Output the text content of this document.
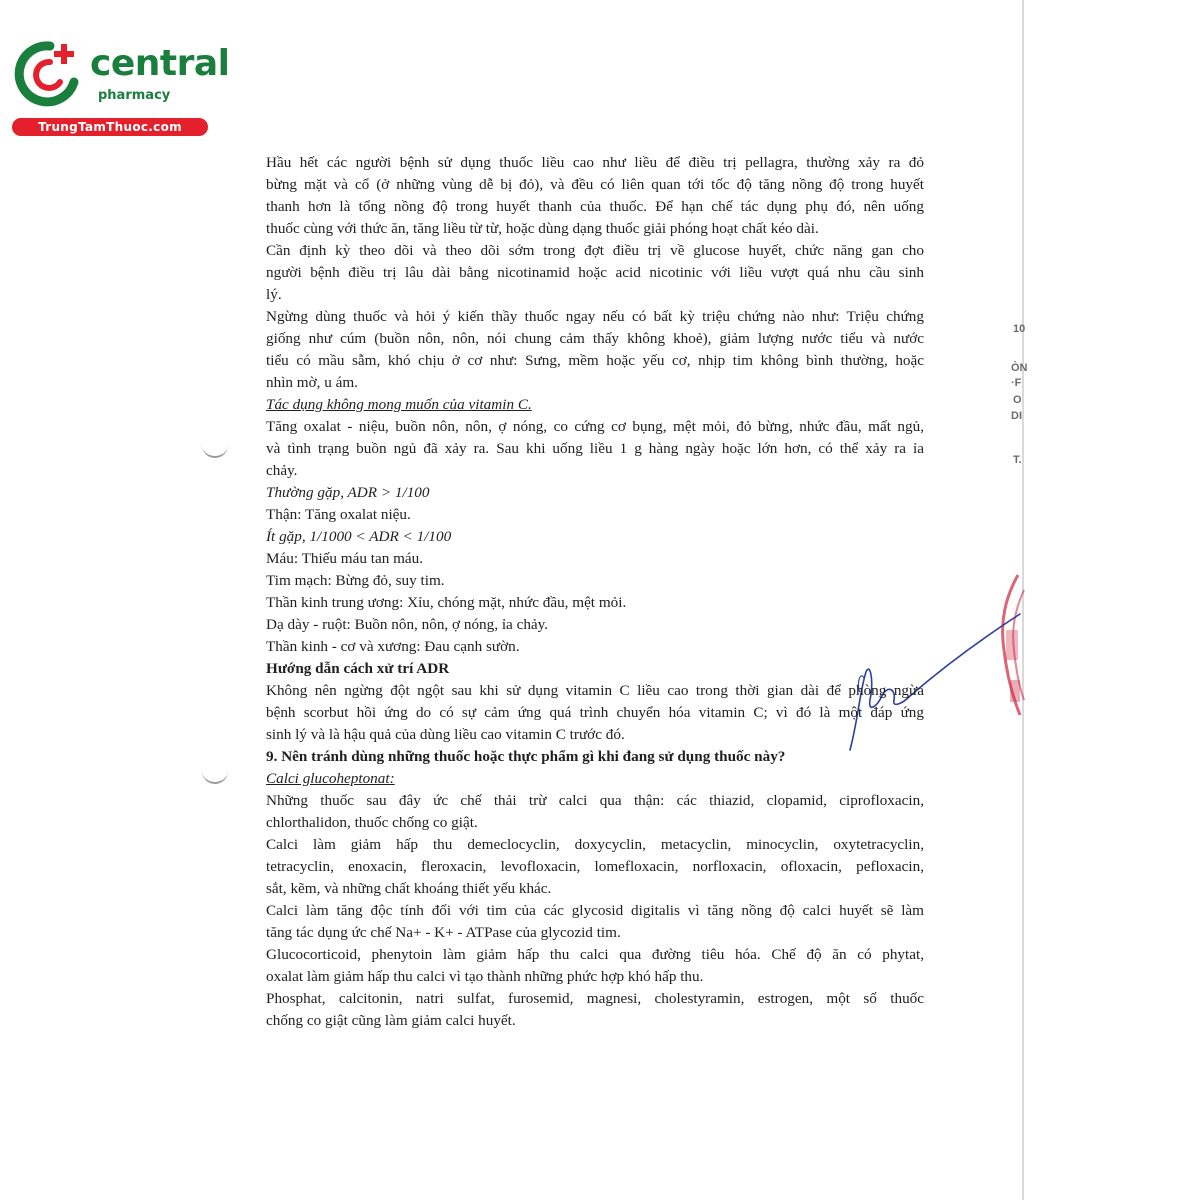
central
pharmacy
TrungTamThuoc.com
10
ÒN
·F
O
DI
T.
Hầu hết các người bệnh sử dụng thuốc liều cao như liều để điều trị pellagra, thường xảy ra đỏ
bừng mặt và cổ (ở những vùng dễ bị đỏ), và đều có liên quan tới tốc độ tăng nồng độ trong huyết
thanh hơn là tổng nồng độ trong huyết thanh của thuốc. Để hạn chế tác dụng phụ đó, nên uống
thuốc cùng với thức ăn, tăng liều từ từ, hoặc dùng dạng thuốc giải phóng hoạt chất kéo dài.
Cần định kỳ theo dõi và theo dõi sớm trong đợt điều trị về glucose huyết, chức năng gan cho
người bệnh điều trị lâu dài bằng nicotinamid hoặc acid nicotinic với liều vượt quá nhu cầu sinh
lý.
Ngừng dùng thuốc và hỏi ý kiến thầy thuốc ngay nếu có bất kỳ triệu chứng nào như: Triệu chứng
giống như cúm (buồn nôn, nôn, nói chung cảm thấy không khoẻ), giảm lượng nước tiểu và nước
tiểu có mầu sẫm, khó chịu ở cơ như: Sưng, mềm hoặc yếu cơ, nhịp tim không bình thường, hoặc
nhìn mờ, u ám.
Tác dụng không mong muốn của vitamin C.
Tăng oxalat - niệu, buồn nôn, nôn, ợ nóng, co cứng cơ bụng, mệt mỏi, đỏ bừng, nhức đầu, mất ngủ,
và tình trạng buồn ngủ đã xảy ra. Sau khi uống liều 1 g hàng ngày hoặc lớn hơn, có thể xảy ra ỉa
chảy.
Thường gặp, ADR > 1/100
Thận: Tăng oxalat niệu.
Ít gặp, 1/1000 < ADR < 1/100
Máu: Thiếu máu tan máu.
Tim mạch: Bừng đỏ, suy tim.
Thần kinh trung ương: Xỉu, chóng mặt, nhức đầu, mệt mỏi.
Dạ dày - ruột: Buồn nôn, nôn, ợ nóng, ỉa chảy.
Thần kinh - cơ và xương: Đau cạnh sườn.
Hướng dẫn cách xử trí ADR
Không nên ngừng đột ngột sau khi sử dụng vitamin C liều cao trong thời gian dài để phòng ngừa
bệnh scorbut hồi ứng do có sự cảm ứng quá trình chuyển hóa vitamin C; vì đó là một đáp ứng
sinh lý và là hậu quả của dùng liều cao vitamin C trước đó.
9. Nên tránh dùng những thuốc hoặc thực phẩm gì khi đang sử dụng thuốc này?
Calci glucoheptonat:
Những thuốc sau đây ức chế thải trừ calci qua thận: các thiazid, clopamid, ciprofloxacin,
chlorthalidon, thuốc chống co giật.
Calci làm giảm hấp thu demeclocyclin, doxycyclin, metacyclin, minocyclin, oxytetracyclin,
tetracyclin, enoxacin, fleroxacin, levofloxacin, lomefloxacin, norfloxacin, ofloxacin, pefloxacin,
sắt, kẽm, và những chất khoáng thiết yếu khác.
Calci làm tăng độc tính đối với tim của các glycosid digitalis vì tăng nồng độ calci huyết sẽ làm
tăng tác dụng ức chế Na+ - K+ - ATPase của glycozid tim.
Glucocorticoid, phenytoin làm giảm hấp thu calci qua đường tiêu hóa. Chế độ ăn có phytat,
oxalat làm giảm hấp thu calci vì tạo thành những phức hợp khó hấp thu.
Phosphat, calcitonin, natri sulfat, furosemid, magnesi, cholestyramin, estrogen, một số thuốc
chống co giật cũng làm giảm calci huyết.
